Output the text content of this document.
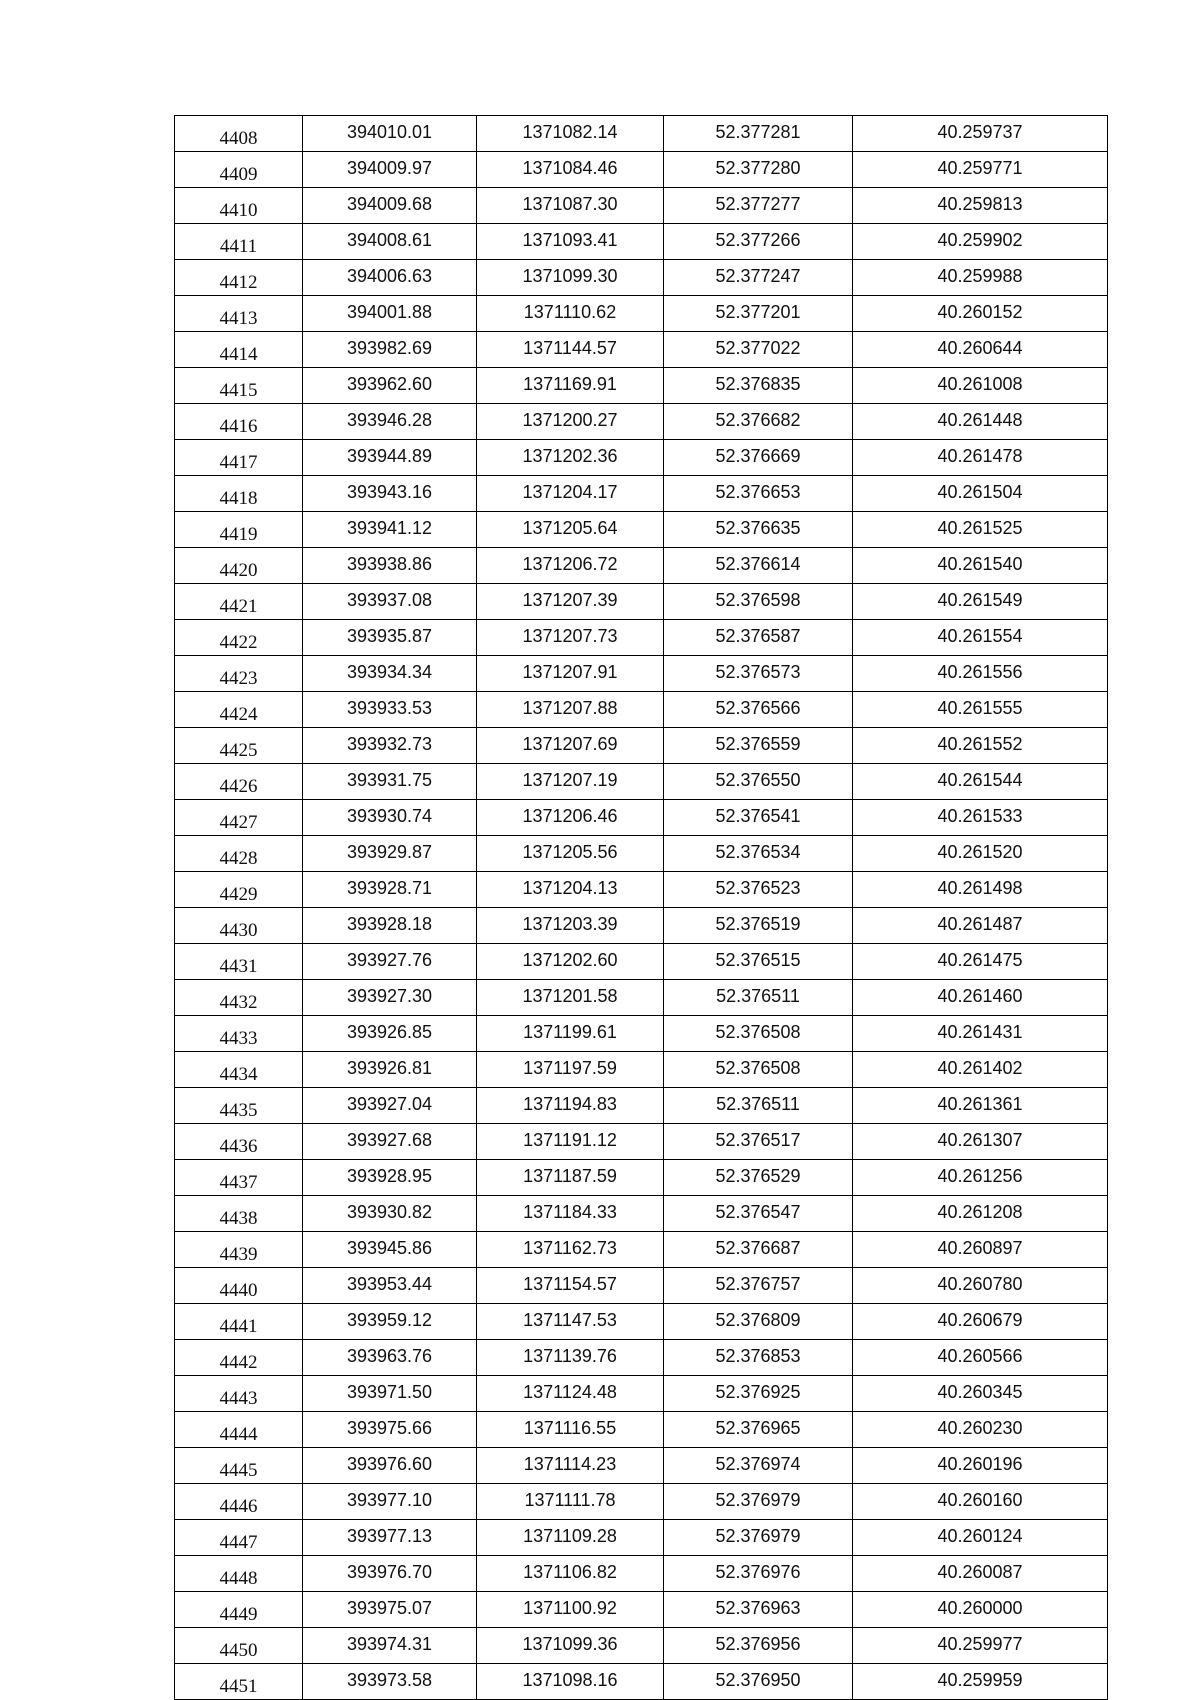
4408	394010.01	1371082.14	52.377281	40.259737
4409	394009.97	1371084.46	52.377280	40.259771
4410	394009.68	1371087.30	52.377277	40.259813
4411	394008.61	1371093.41	52.377266	40.259902
4412	394006.63	1371099.30	52.377247	40.259988
4413	394001.88	1371110.62	52.377201	40.260152
4414	393982.69	1371144.57	52.377022	40.260644
4415	393962.60	1371169.91	52.376835	40.261008
4416	393946.28	1371200.27	52.376682	40.261448
4417	393944.89	1371202.36	52.376669	40.261478
4418	393943.16	1371204.17	52.376653	40.261504
4419	393941.12	1371205.64	52.376635	40.261525
4420	393938.86	1371206.72	52.376614	40.261540
4421	393937.08	1371207.39	52.376598	40.261549
4422	393935.87	1371207.73	52.376587	40.261554
4423	393934.34	1371207.91	52.376573	40.261556
4424	393933.53	1371207.88	52.376566	40.261555
4425	393932.73	1371207.69	52.376559	40.261552
4426	393931.75	1371207.19	52.376550	40.261544
4427	393930.74	1371206.46	52.376541	40.261533
4428	393929.87	1371205.56	52.376534	40.261520
4429	393928.71	1371204.13	52.376523	40.261498
4430	393928.18	1371203.39	52.376519	40.261487
4431	393927.76	1371202.60	52.376515	40.261475
4432	393927.30	1371201.58	52.376511	40.261460
4433	393926.85	1371199.61	52.376508	40.261431
4434	393926.81	1371197.59	52.376508	40.261402
4435	393927.04	1371194.83	52.376511	40.261361
4436	393927.68	1371191.12	52.376517	40.261307
4437	393928.95	1371187.59	52.376529	40.261256
4438	393930.82	1371184.33	52.376547	40.261208
4439	393945.86	1371162.73	52.376687	40.260897
4440	393953.44	1371154.57	52.376757	40.260780
4441	393959.12	1371147.53	52.376809	40.260679
4442	393963.76	1371139.76	52.376853	40.260566
4443	393971.50	1371124.48	52.376925	40.260345
4444	393975.66	1371116.55	52.376965	40.260230
4445	393976.60	1371114.23	52.376974	40.260196
4446	393977.10	1371111.78	52.376979	40.260160
4447	393977.13	1371109.28	52.376979	40.260124
4448	393976.70	1371106.82	52.376976	40.260087
4449	393975.07	1371100.92	52.376963	40.260000
4450	393974.31	1371099.36	52.376956	40.259977
4451	393973.58	1371098.16	52.376950	40.259959
